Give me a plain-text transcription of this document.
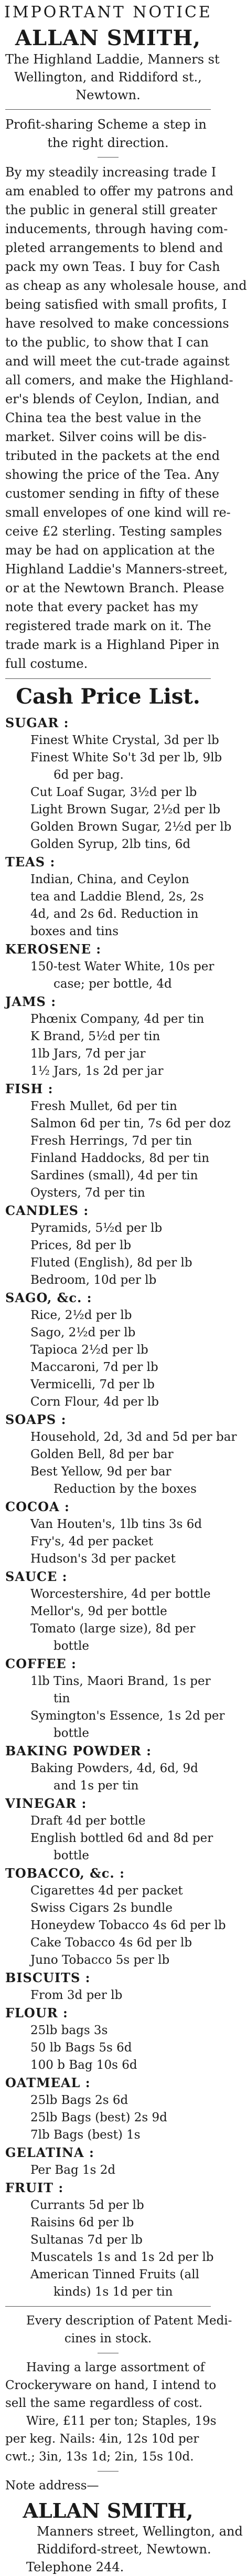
IMPORTANT NOTICE
ALLAN SMITH,
The Highland Laddie, Manners st
Wellington, and Riddiford st.,
Newtown.
Profit-sharing Scheme a step in
the right direction.
By my steadily increasing trade I
am enabled to offer my patrons and
the public in general still greater
inducements, through having com-
pleted arrangements to blend and
pack my own Teas. I buy for Cash
as cheap as any wholesale house, and
being satisfied with small profits, I
have resolved to make concessions
to the public, to show that I can
and will meet the cut-trade against
all comers, and make the Highland-
er's blends of Ceylon, Indian, and
China tea the best value in the
market. Silver coins will be dis-
tributed in the packets at the end
showing the price of the Tea. Any
customer sending in fifty of these
small envelopes of one kind will re-
ceive £2 sterling. Testing samples
may be had on application at the
Highland Laddie's Manners-street,
or at the Newtown Branch. Please
note that every packet has my
registered trade mark on it. The
trade mark is a Highland Piper in
full costume.
Cash Price List.
SUGAR :
Finest White Crystal, 3d per lb
Finest White So't 3d per lb, 9lb
6d per bag.
Cut Loaf Sugar, 3½d per lb
Light Brown Sugar, 2½d per lb
Golden Brown Sugar, 2½d per lb
Golden Syrup, 2lb tins, 6d
TEAS :
Indian, China, and Ceylon
tea and Laddie Blend, 2s, 2s
4d, and 2s 6d. Reduction in
boxes and tins
KEROSENE :
150-test Water White, 10s per
case; per bottle, 4d
JAMS :
Phœnix Company, 4d per tin
K Brand, 5½d per tin
1lb Jars, 7d per jar
1½ Jars, 1s 2d per jar
FISH :
Fresh Mullet, 6d per tin
Salmon 6d per tin, 7s 6d per doz
Fresh Herrings, 7d per tin
Finland Haddocks, 8d per tin
Sardines (small), 4d per tin
Oysters, 7d per tin
CANDLES :
Pyramids, 5½d per lb
Prices, 8d per lb
Fluted (English), 8d per lb
Bedroom, 10d per lb
SAGO, &c. :
Rice, 2½d per lb
Sago, 2½d per lb
Tapioca 2½d per lb
Maccaroni, 7d per lb
Vermicelli, 7d per lb
Corn Flour, 4d per lb
SOAPS :
Household, 2d, 3d and 5d per bar
Golden Bell, 8d per bar
Best Yellow, 9d per bar
Reduction by the boxes
COCOA :
Van Houten's, 1lb tins 3s 6d
Fry's, 4d per packet
Hudson's 3d per packet
SAUCE :
Worcestershire, 4d per bottle
Mellor's, 9d per bottle
Tomato (large size), 8d per
bottle
COFFEE :
1lb Tins, Maori Brand, 1s per
tin
Symington's Essence, 1s 2d per
bottle
BAKING POWDER :
Baking Powders, 4d, 6d, 9d
and 1s per tin
VINEGAR :
Draft 4d per bottle
English bottled 6d and 8d per
bottle
TOBACCO, &c. :
Cigarettes 4d per packet
Swiss Cigars 2s bundle
Honeydew Tobacco 4s 6d per lb
Cake Tobacco 4s 6d per lb
Juno Tobacco 5s per lb
BISCUITS :
From 3d per lb
FLOUR :
25lb bags 3s
50 lb Bags 5s 6d
100 b Bag 10s 6d
OATMEAL :
25lb Bags 2s 6d
25lb Bags (best) 2s 9d
7lb Bags (best) 1s
GELATINA :
Per Bag 1s 2d
FRUIT :
Currants 5d per lb
Raisins 6d per lb
Sultanas 7d per lb
Muscatels 1s and 1s 2d per lb
American Tinned Fruits (all
kinds) 1s 1d per tin
Every description of Patent Medi-
cines in stock.
Having a large assortment of
Crockeryware on hand, I intend to
sell the same regardless of cost.
Wire, £11 per ton; Staples, 19s
per keg. Nails: 4in, 12s 10d per
cwt.; 3in, 13s 1d; 2in, 15s 10d.
Note address—
ALLAN SMITH,
Manners street, Wellington, and
Riddiford-street, Newtown.
Telephone 244.
